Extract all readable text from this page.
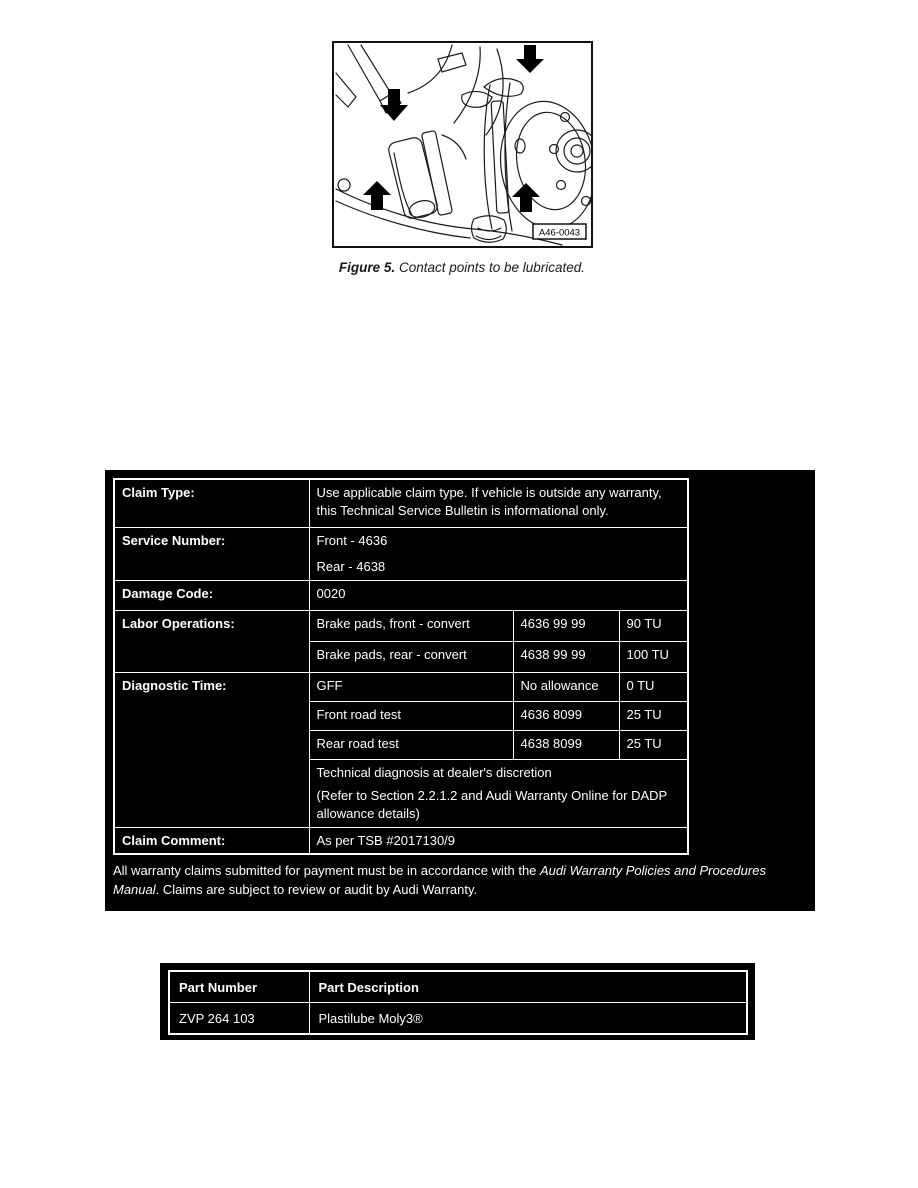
A46-0043
Figure 5. Contact points to be lubricated.
Claim Type:	Use applicable claim type. If vehicle is outside any warranty, this Technical Service Bulletin is informational only.		
Service Number:	Front - 4636
Rear - 4638		

Damage Code:	0020		
Labor Operations:	Brake pads, front - convert	4636 99 99	90 TU
	Brake pads, rear - convert	4638 99 99	100 TU
Diagnostic Time:	GFF	No allowance	0 TU
	Front road test	4636 8099	25 TU
	Rear road test	4638 8099	25 TU

	Technical diagnosis at dealer's discretion
(Refer to Section 2.2.1.2 and Audi Warranty Online for DADP allowance details)		

Claim Comment:	As per TSB #2017130/9		
All warranty claims submitted for payment must be in accordance with the Audi Warranty Policies and Procedures Manual. Claims are subject to review or audit by Audi Warranty.
Part Number	Part Description
ZVP 264 103	Plastilube Moly3®
